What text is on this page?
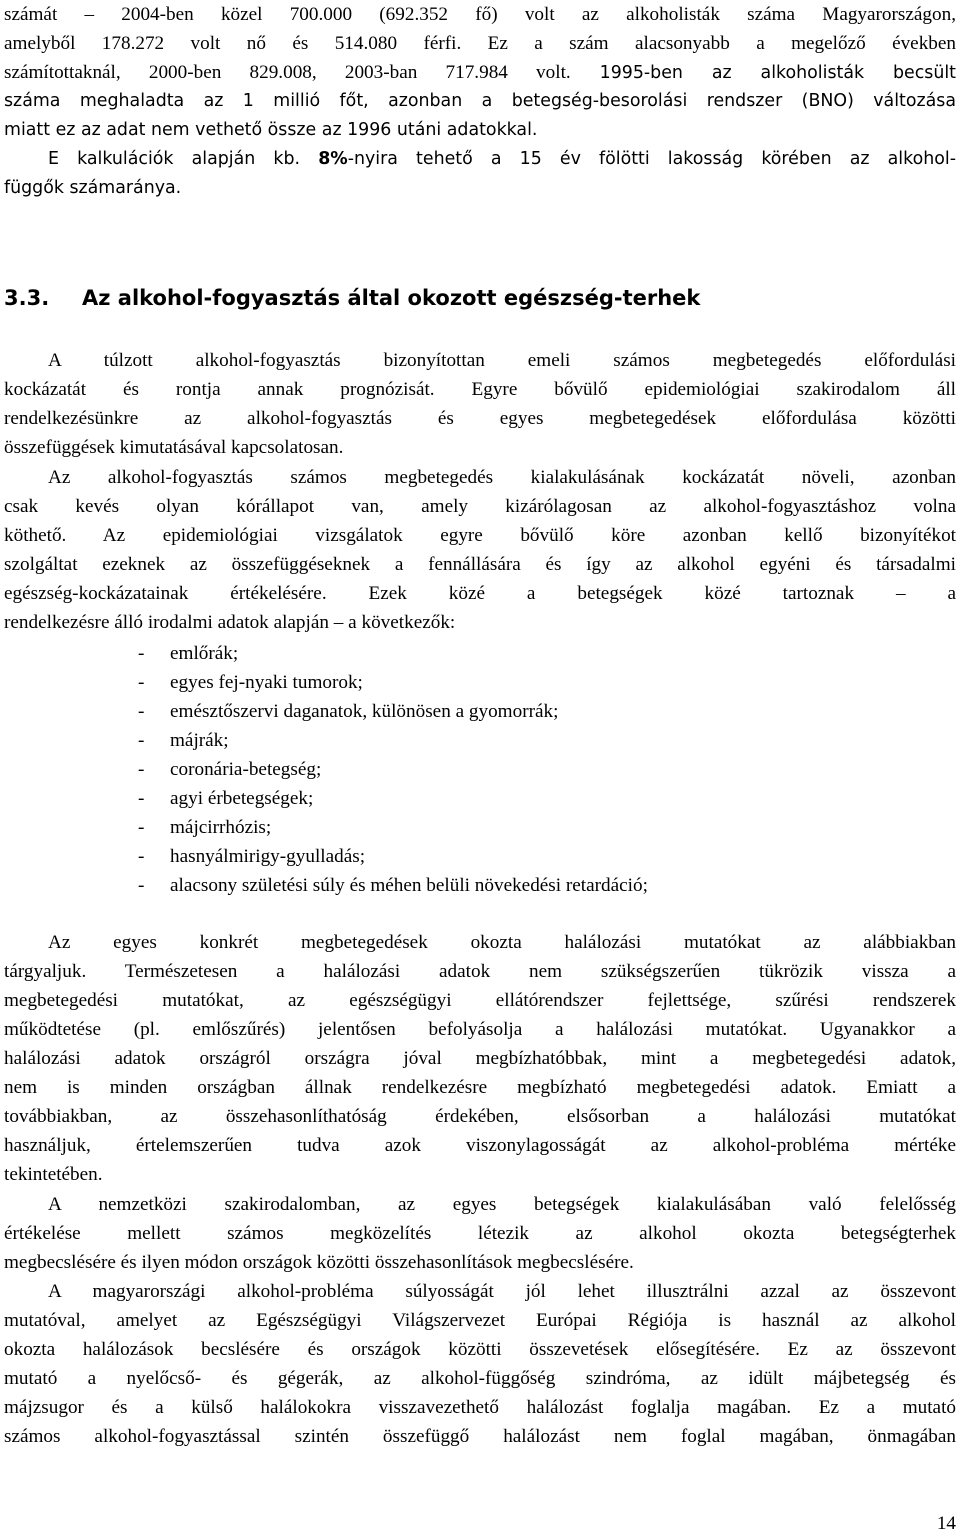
számát – 2004-ben közel 700.000 (692.352 fő) volt az alkoholisták száma Magyarországon,
amelyből 178.272 volt nő és 514.080 férfi. Ez a szám alacsonyabb a megelőző években
számítottaknál, 2000-ben 829.008, 2003-ban 717.984 volt. 1995-ben az alkoholisták becsült
száma meghaladta az 1 millió főt, azonban a betegség-besorolási rendszer (BNO) változása
miatt ez az adat nem vethető össze az 1996 utáni adatokkal.
E kalkulációk alapján kb. 8%-nyira tehető a 15 év fölötti lakosság körében az alkohol-
függők számaránya.
3.3. Az alkohol-fogyasztás által okozott egészség-terhek
A túlzott alkohol-fogyasztás bizonyítottan emeli számos megbetegedés előfordulási
kockázatát és rontja annak prognózisát. Egyre bővülő epidemiológiai szakirodalom áll
rendelkezésünkre az alkohol-fogyasztás és egyes megbetegedések előfordulása közötti
összefüggések kimutatásával kapcsolatosan.
Az alkohol-fogyasztás számos megbetegedés kialakulásának kockázatát növeli, azonban
csak kevés olyan kórállapot van, amely kizárólagosan az alkohol-fogyasztáshoz volna
köthető. Az epidemiológiai vizsgálatok egyre bővülő köre azonban kellő bizonyítékot
szolgáltat ezeknek az összefüggéseknek a fennállására és így az alkohol egyéni és társadalmi
egészség-kockázatainak értékelésére. Ezek közé a betegségek közé tartoznak – a
rendelkezésre álló irodalmi adatok alapján – a következők:
- emlőrák;
- egyes fej-nyaki tumorok;
- emésztőszervi daganatok, különösen a gyomorrák;
- májrák;
- coronária-betegség;
- agyi érbetegségek;
- májcirrhózis;
- hasnyálmirigy-gyulladás;
- alacsony születési súly és méhen belüli növekedési retardáció;
Az egyes konkrét megbetegedések okozta halálozási mutatókat az alábbiakban
tárgyaljuk. Természetesen a halálozási adatok nem szükségszerűen tükrözik vissza a
megbetegedési mutatókat, az egészségügyi ellátórendszer fejlettsége, szűrési rendszerek
működtetése (pl. emlőszűrés) jelentősen befolyásolja a halálozási mutatókat. Ugyanakkor a
halálozási adatok országról országra jóval megbízhatóbbak, mint a megbetegedési adatok,
nem is minden országban állnak rendelkezésre megbízható megbetegedési adatok. Emiatt a
továbbiakban, az összehasonlíthatóság érdekében, elsősorban a halálozási mutatókat
használjuk, értelemszerűen tudva azok viszonylagosságát az alkohol-probléma mértéke
tekintetében.
A nemzetközi szakirodalomban, az egyes betegségek kialakulásában való felelősség
értékelése mellett számos megközelítés létezik az alkohol okozta betegségterhek
megbecslésére és ilyen módon országok közötti összehasonlítások megbecslésére.
A magyarországi alkohol-probléma súlyosságát jól lehet illusztrálni azzal az összevont
mutatóval, amelyet az Egészségügyi Világszervezet Európai Régiója is használ az alkohol
okozta halálozások becslésére és országok közötti összevetések elősegítésére. Ez az összevont
mutató a nyelőcső- és gégerák, az alkohol-függőség szindróma, az idült májbetegség és
májzsugor és a külső halálokokra visszavezethető halálozást foglalja magában. Ez a mutató
számos alkohol-fogyasztással szintén összefüggő halálozást nem foglal magában, önmagában
14
